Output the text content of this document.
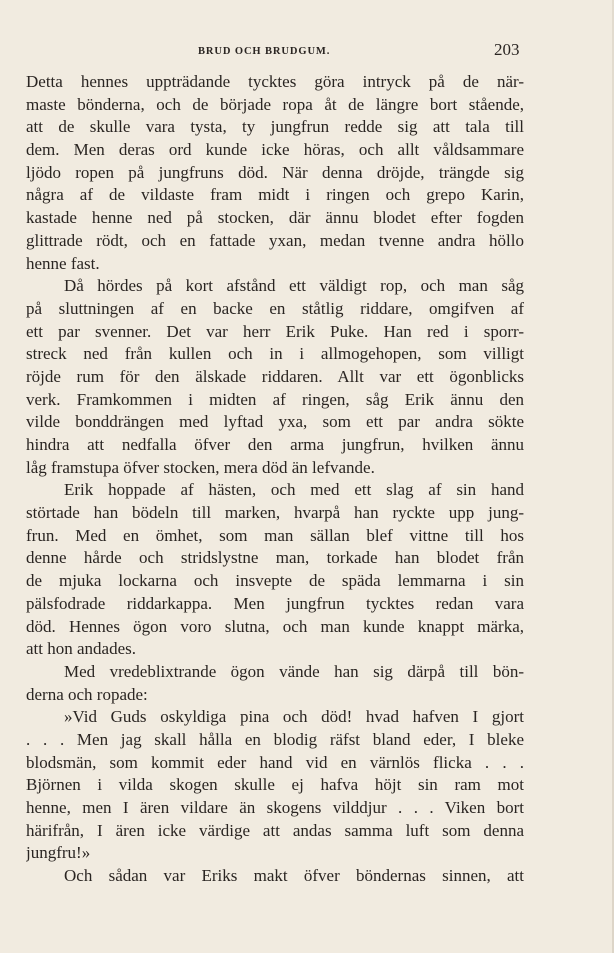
BRUD OCH BRUDGUM.	203
Detta hennes uppträdande tycktes göra intryck på de när-
maste bönderna, och de började ropa åt de längre bort stående,
att de skulle vara tysta, ty jungfrun redde sig att tala till
dem. Men deras ord kunde icke höras, och allt våldsammare
ljödo ropen på jungfruns död. När denna dröjde, trängde sig
några af de vildaste fram midt i ringen och grepo Karin,
kastade henne ned på stocken, där ännu blodet efter fogden
glittrade rödt, och en fattade yxan, medan tvenne andra höllo
henne fast.
Då hördes på kort afstånd ett väldigt rop, och man såg
på sluttningen af en backe en ståtlig riddare, omgifven af
ett par svenner. Det var herr Erik Puke. Han red i sporr-
streck ned från kullen och in i allmogehopen, som villigt
röjde rum för den älskade riddaren. Allt var ett ögonblicks
verk. Framkommen i midten af ringen, såg Erik ännu den
vilde bonddrängen med lyftad yxa, som ett par andra sökte
hindra att nedfalla öfver den arma jungfrun, hvilken ännu
låg framstupa öfver stocken, mera död än lefvande.
Erik hoppade af hästen, och med ett slag af sin hand
störtade han bödeln till marken, hvarpå han ryckte upp jung-
frun. Med en ömhet, som man sällan blef vittne till hos
denne hårde och stridslystne man, torkade han blodet från
de mjuka lockarna och insvepte de späda lemmarna i sin
pälsfodrade riddarkappa. Men jungfrun tycktes redan vara
död. Hennes ögon voro slutna, och man kunde knappt märka,
att hon andades.
Med vredeblixtrande ögon vände han sig därpå till bön-
derna och ropade:
»Vid Guds oskyldiga pina och död! hvad hafven I gjort
. . . Men jag skall hålla en blodig räfst bland eder, I bleke
blodsmän, som kommit eder hand vid en värnlös flicka . . .
Björnen i vilda skogen skulle ej hafva höjt sin ram mot
henne, men I ären vildare än skogens vilddjur . . . Viken bort
härifrån, I ären icke värdige att andas samma luft som denna
jungfru!»
Och sådan var Eriks makt öfver böndernas sinnen, att
